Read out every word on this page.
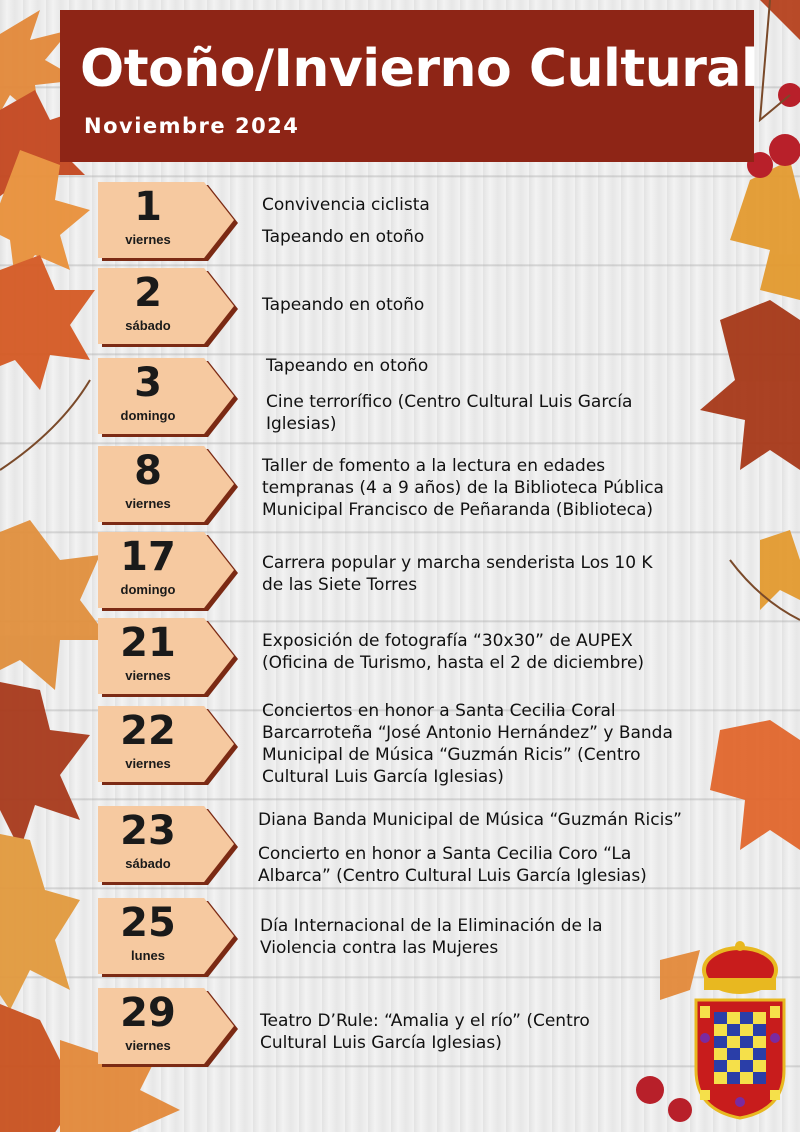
Otoño/Invierno Cultural
Noviembre 2024
1
viernes
Convivencia ciclista
Tapeando en otoño
2
sábado
Tapeando en otoño
3
domingo
Tapeando en otoño
Cine terrorífico (Centro Cultural Luis García
Iglesias)
8
viernes
Taller de fomento a la lectura en edades
tempranas (4 a 9 años) de la Biblioteca Pública
Municipal Francisco de Peñaranda (Biblioteca)
17
domingo
Carrera popular y marcha senderista Los 10 K
de las Siete Torres
21
viernes
Exposición de fotografía “30x30” de AUPEX
(Oficina de Turismo, hasta el 2 de diciembre)
22
viernes
Conciertos en honor a Santa Cecilia Coral
Barcarroteña “José Antonio Hernández” y Banda
Municipal de Música “Guzmán Ricis” (Centro
Cultural Luis García Iglesias)
23
sábado
Diana Banda Municipal de Música “Guzmán Ricis”
Concierto en honor a Santa Cecilia Coro “La
Albarca” (Centro Cultural Luis García Iglesias)
25
lunes
Día Internacional de la Eliminación de la
Violencia contra las Mujeres
29
viernes
Teatro D’Rule: “Amalia y el río” (Centro
Cultural Luis García Iglesias)
